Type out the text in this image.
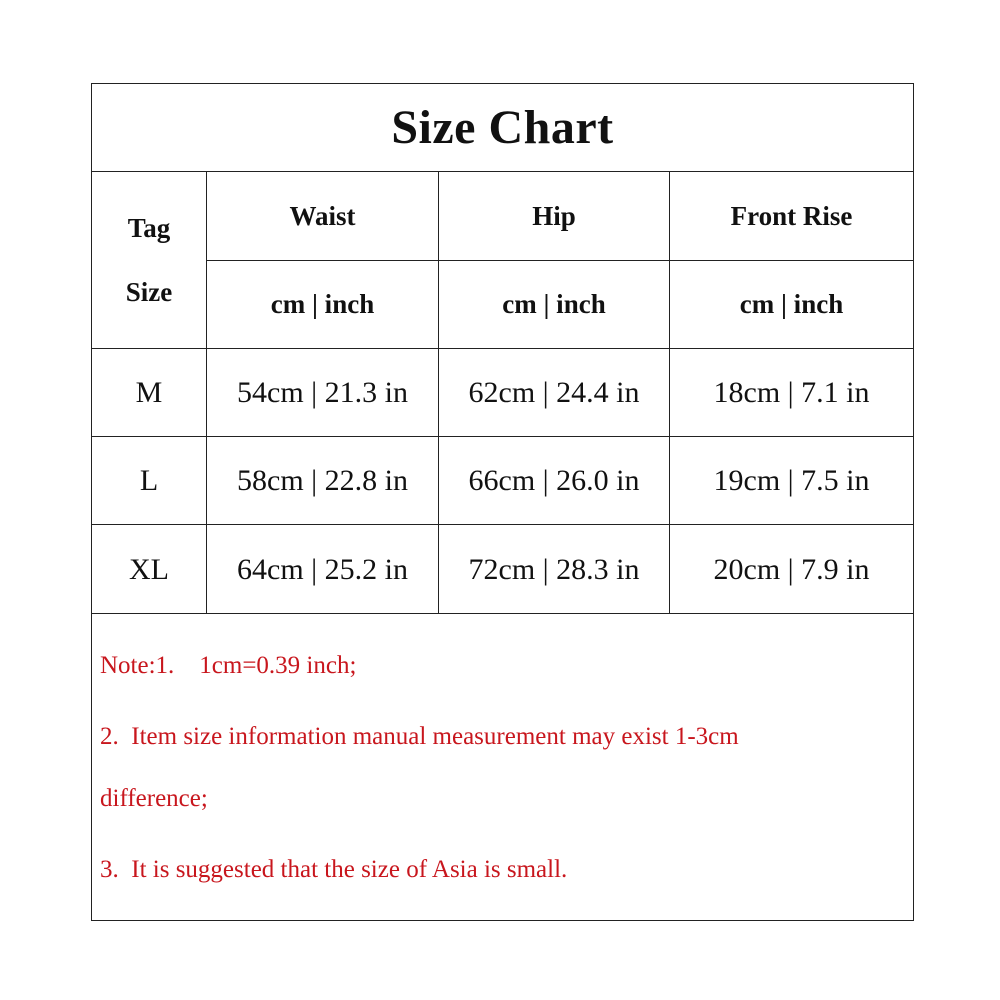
Size Chart
Tag
Size
Waist	Hip	Front Rise
cm | inch	cm | inch	cm | inch
M	54cm | 21.3 in	62cm | 24.4 in	18cm | 7.1 in
L	58cm | 22.8 in	66cm | 26.0 in	19cm | 7.5 in
XL	64cm | 25.2 in	72cm | 28.3 in	20cm | 7.9 in
Note:1.    1cm=0.39 inch;
2.  Item size information manual measurement may exist 1-3cm
difference;
3.  It is suggested that the size of Asia is small.
